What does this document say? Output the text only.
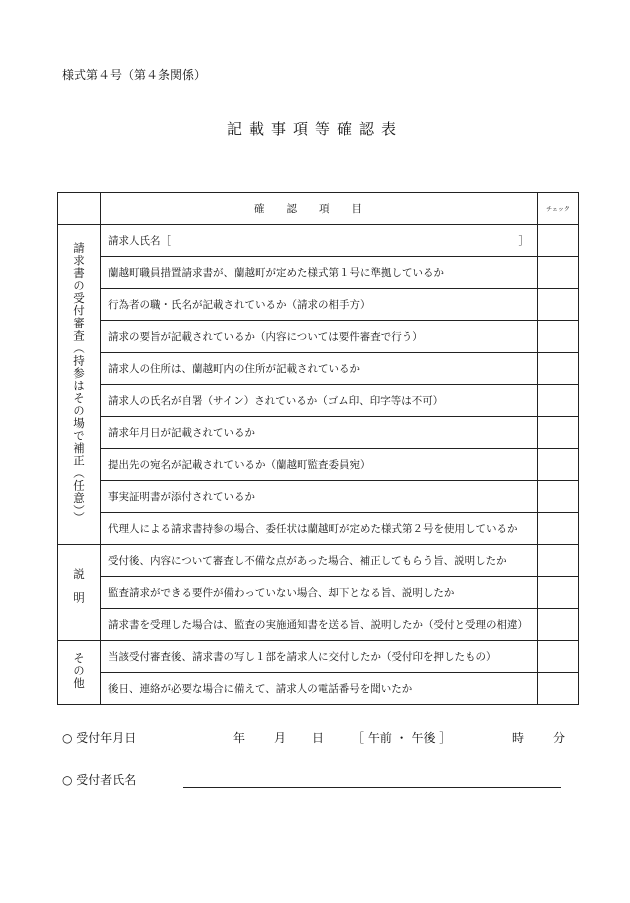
様式第４号（第４条関係）
記載事項等確認表
	確認項目	チェック
請求書の受付審査（持参はその場で補正（任意））	請求人氏名［ ］	

	蘭越町職員措置請求書が、蘭越町が定めた様式第１号に準拠しているか	
	行為者の職・氏名が記載されているか（請求の相手方）	
	請求の要旨が記載されているか（内容については要件審査で行う）	
	請求人の住所は、蘭越町内の住所が記載されているか	
	請求人の氏名が自署（サイン）されているか（ゴム印、印字等は不可）	
	請求年月日が記載されているか	
	提出先の宛名が記載されているか（蘭越町監査委員宛）	
	事実証明書が添付されているか	
	代理人による請求書持参の場合、委任状は蘭越町が定めた様式第２号を使用しているか	
説明	受付後、内容について審査し不備な点があった場合、補正してもらう旨、説明したか	
	監査請求ができる要件が備わっていない場合、却下となる旨、説明したか	
	請求書を受理した場合は、監査の実施通知書を送る旨、説明したか（受付と受理の相違）	
その他	当該受付審査後、請求書の写し１部を請求人に交付したか（受付印を押したもの）	
	後日、連絡が必要な場合に備えて、請求人の電話番号を聞いたか	
○ 受付年月日	年 月 日 ［ 午前 ・ 午後 ］	時 分
○ 受付者氏名
